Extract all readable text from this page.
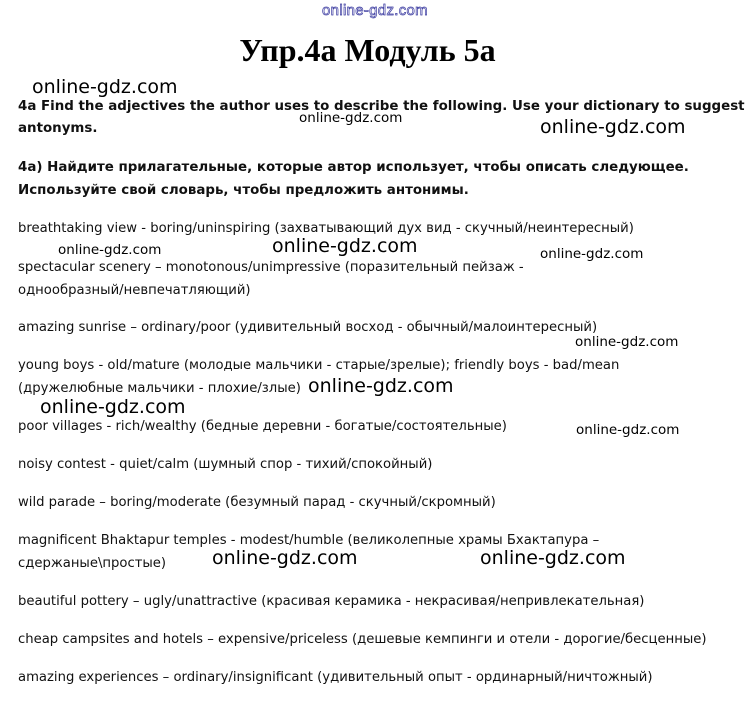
online-gdz.com
Упр.4а Модуль 5а
4a Find the adjectives the author uses to describe the following. Use your dictionary to suggest
antonyms.
4а) Найдите прилагательные, которые автор использует, чтобы описать следующее.
Используйте свой словарь, чтобы предложить антонимы.
breathtaking view - boring/uninspiring (захватывающий дух вид - скучный/неинтересный)
spectacular scenery – monotonous/unimpressive (поразительный пейзаж -
однообразный/невпечатляющий)
amazing sunrise – ordinary/poor (удивительный восход - обычный/малоинтересный)
young boys - old/mature (молодые мальчики - старые/зрелые); friendly boys - bad/mean
(дружелюбные мальчики - плохие/злые)
poor villages - rich/wealthy (бедные деревни - богатые/состоятельные)
noisy contest - quiet/calm (шумный спор - тихий/спокойный)
wild parade – boring/moderate (безумный парад - скучный/скромный)
magnificent Bhaktapur temples - modest/humble (великолепные храмы Бхактапура –
сдержаные\простые)
beautiful pottery – ugly/unattractive (красивая керамика - некрасивая/непривлекательная)
cheap campsites and hotels – expensive/priceless (дешевые кемпинги и отели - дорогие/бесценные)
amazing experiences – ordinary/insignificant (удивительный опыт - ординарный/ничтожный)
online-gdz.com
online-gdz.com	online-gdz.com
online-gdz.com	online-gdz.com	online-gdz.com
online-gdz.com
online-gdz.com
online-gdz.com
online-gdz.com
online-gdz.com	online-gdz.com
